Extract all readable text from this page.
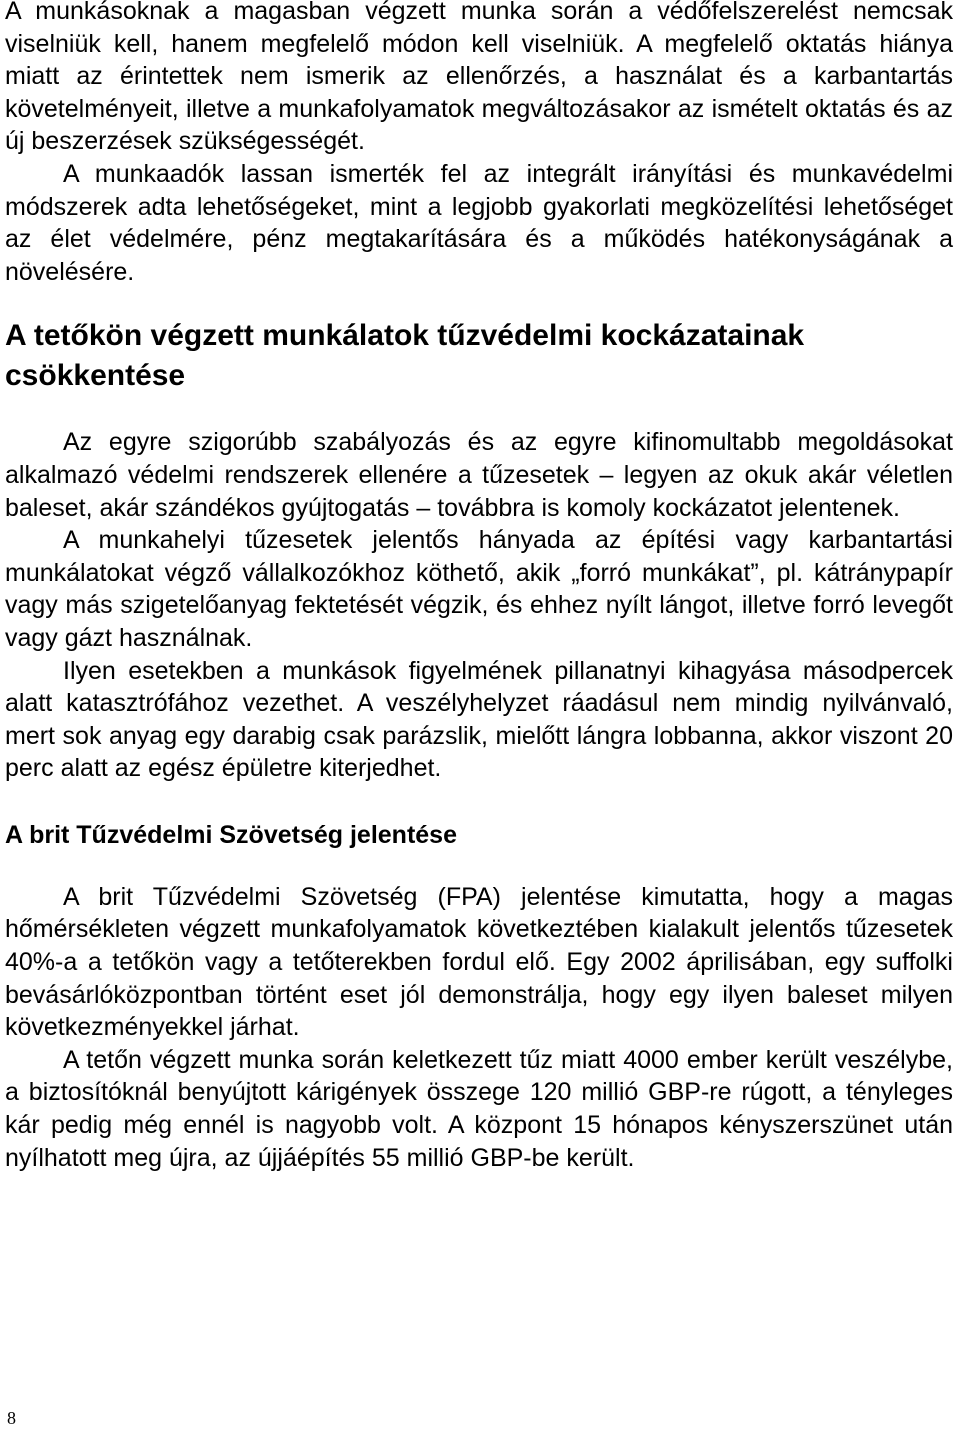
A munkásoknak a magasban végzett munka során a védőfelszerelést nemcsak viselniük kell, hanem megfelelő módon kell viselniük. A megfelelő oktatás hiánya miatt az érintettek nem ismerik az ellenőrzés, a használat és a karbantartás követelményeit, illetve a munkafolyamatok megváltozásakor az ismételt oktatás és az új beszerzések szükségességét.

A munkaadók lassan ismerték fel az integrált irányítási és munkavédelmi módszerek adta lehetőségeket, mint a legjobb gyakorlati megközelítési lehetőséget az élet védelmére, pénz megtakarítására és a működés hatékonyságának a növelésére.

A tetőkön végzett munkálatok tűzvédelmi kockázatainak csökkentése

Az egyre szigorúbb szabályozás és az egyre kifinomultabb megoldásokat alkalmazó védelmi rendszerek ellenére a tűzesetek – legyen az okuk akár véletlen baleset, akár szándékos gyújtogatás – továbbra is komoly kockázatot jelentenek.

A munkahelyi tűzesetek jelentős hányada az építési vagy karbantartási munkálatokat végző vállalkozókhoz köthető, akik „forró munkákat”, pl. kátránypapír vagy más szigetelőanyag fektetését végzik, és ehhez nyílt lángot, illetve forró levegőt vagy gázt használnak.

Ilyen esetekben a munkások figyelmének pillanatnyi kihagyása másodpercek alatt katasztrófához vezethet. A veszélyhelyzet ráadásul nem mindig nyilvánvaló, mert sok anyag egy darabig csak parázslik, mielőtt lángra lobbanna, akkor viszont 20 perc alatt az egész épületre kiterjedhet.

A brit Tűzvédelmi Szövetség jelentése

A brit Tűzvédelmi Szövetség (FPA) jelentése kimutatta, hogy a magas hőmérsékleten végzett munkafolyamatok következtében kialakult jelentős tűzesetek 40%-a a tetőkön vagy a tetőterekben fordul elő. Egy 2002 áprilisában, egy suffolki bevásárlóközpontban történt eset jól demonstrálja, hogy egy ilyen baleset milyen következményekkel járhat.

A tetőn végzett munka során keletkezett tűz miatt 4000 ember került veszélybe, a biztosítóknál benyújtott kárigények összege 120 millió GBP-re rúgott, a tényleges kár pedig még ennél is nagyobb volt. A központ 15 hónapos kényszerszünet után nyílhatott meg újra, az újjáépítés 55 millió GBP-be került.

8
